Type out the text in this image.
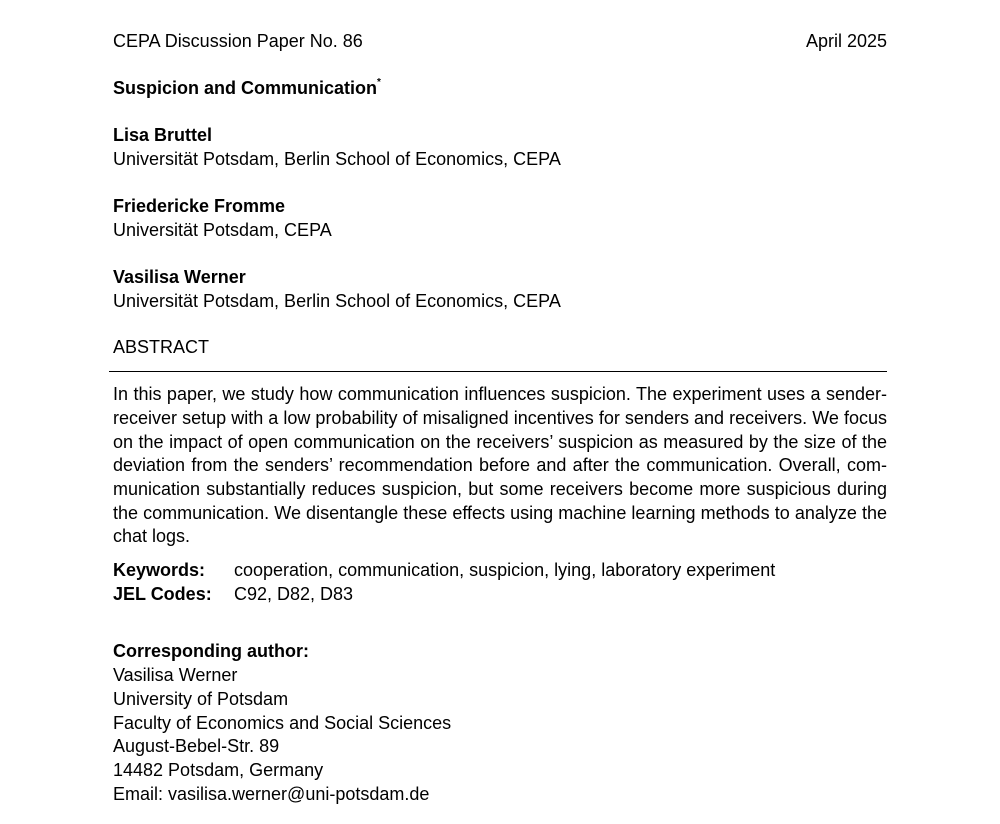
CEPA Discussion Paper No. 86	April 2025
Suspicion and Communication*
Lisa Bruttel
Universität Potsdam, Berlin School of Economics, CEPA
Friedericke Fromme
Universität Potsdam, CEPA
Vasilisa Werner
Universität Potsdam, Berlin School of Economics, CEPA
ABSTRACT
In this paper, we study how communication influences suspicion. The experiment uses a sender-receiver setup with a low probability of misaligned incentives for senders and receivers. We focus on the impact of open communication on the receivers’ suspicion as measured by the size of the deviation from the senders’ recommendation before and after the communication. Overall, communication substantially reduces suspicion, but some receivers become more suspicious during the communication. We disentangle these effects using machine learning methods to analyze the chat logs.
Keywords:	cooperation, communication, suspicion, lying, laboratory experiment
JEL Codes:	C92, D82, D83
Corresponding author:
Vasilisa Werner
University of Potsdam
Faculty of Economics and Social Sciences
August-Bebel-Str. 89
14482 Potsdam, Germany
Email: vasilisa.werner@uni-potsdam.de
